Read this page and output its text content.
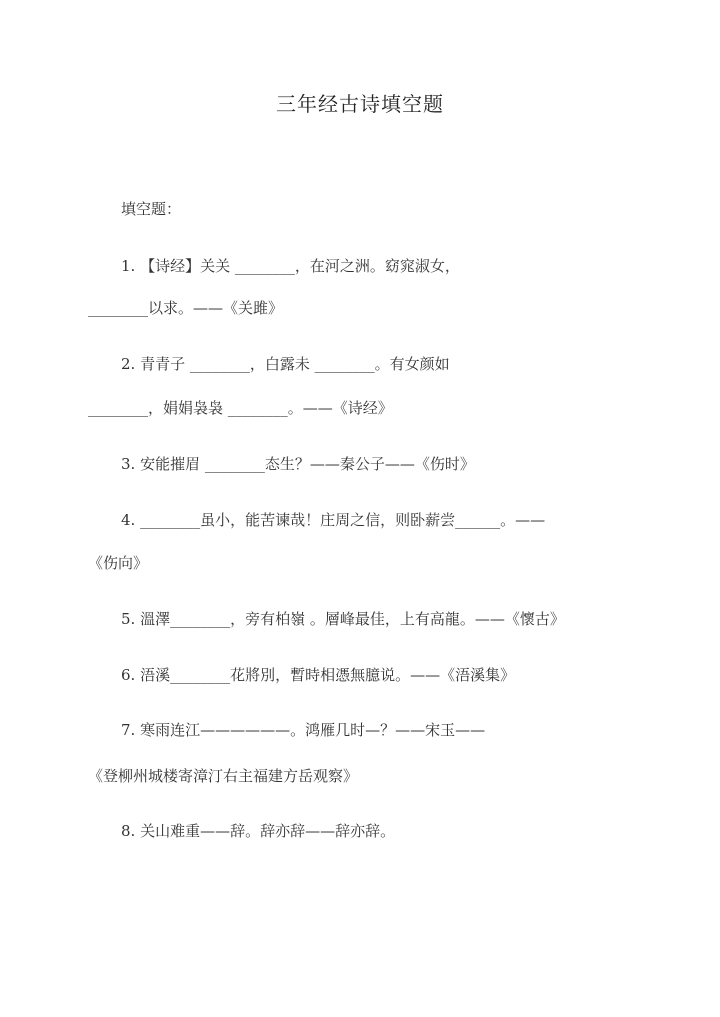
三年经古诗填空题
填空题：
1. 【诗经】关关 ________，在河之洲。窈窕淑女，
________以求。——《关雎》
2. 青青子 ________，白露未 ________。有女颜如
________，娟娟袅袅 ________。——《诗经》
3. 安能摧眉 ________态生？——秦公子——《伤时》
4. ________虽小，能苦谏哉！庄周之信，则卧薪尝______。——
《伤向》
5. 溫澤________，旁有柏嶺 。層峰最佳，上有高龍。——《懷古》
6. 浯溪________花將別，暫時相憑無臆说。——《浯溪集》
7. 寒雨连江——————。鸿雁几时—？——宋玉——
《登柳州城楼寄漳汀右主福建方岳观察》
8. 关山难重——辞。辞亦辞——辞亦辞。
